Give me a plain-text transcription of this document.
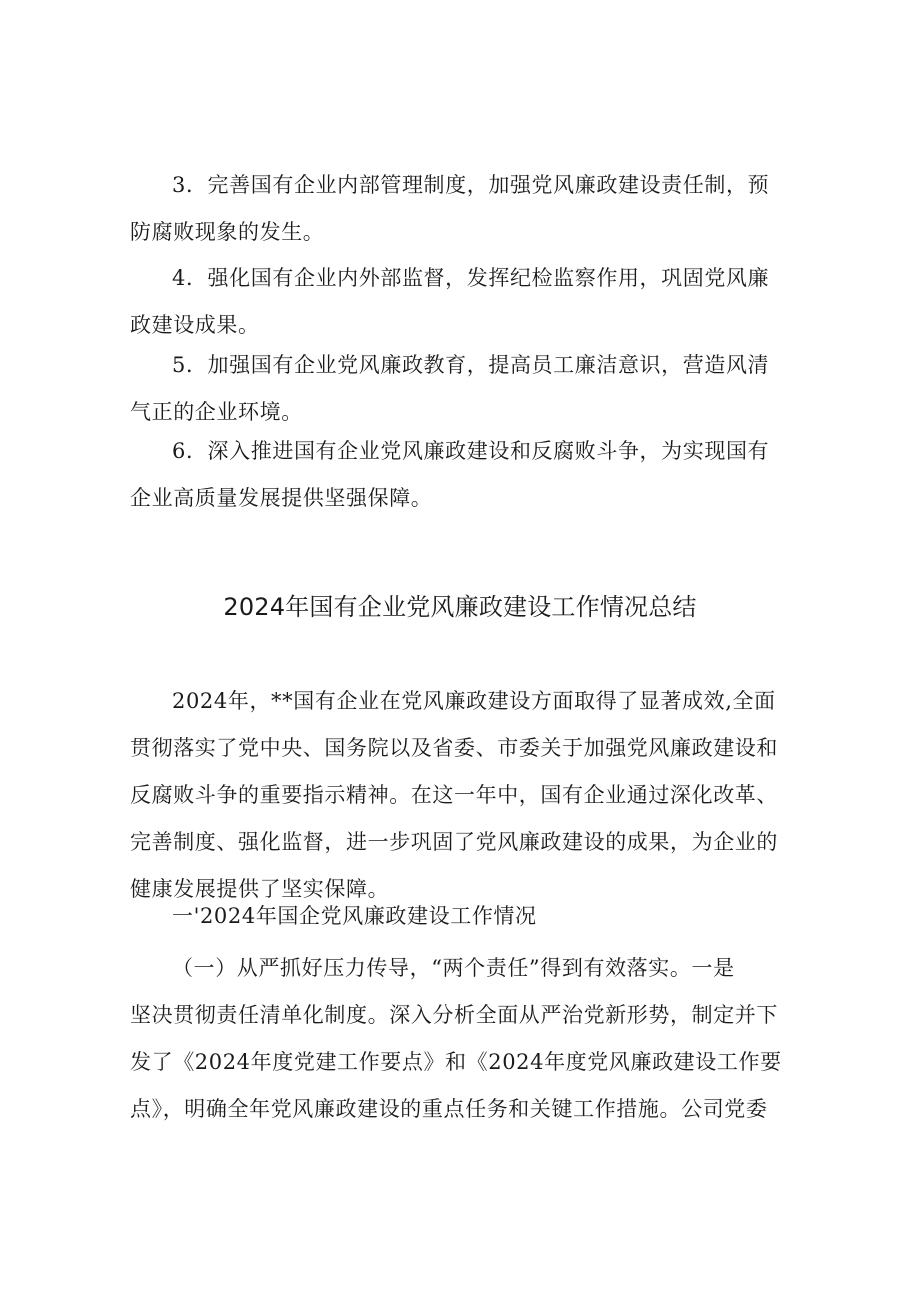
3．完善国有企业内部管理制度，加强党风廉政建设责任制，预
防腐败现象的发生。
4．强化国有企业内外部监督，发挥纪检监察作用，巩固党风廉
政建设成果。
5．加强国有企业党风廉政教育，提高员工廉洁意识，营造风清
气正的企业环境。
6．深入推进国有企业党风廉政建设和反腐败斗争，为实现国有
企业高质量发展提供坚强保障。
2024年国有企业党风廉政建设工作情况总结
2024年，**国有企业在党风廉政建设方面取得了显著成效,全面
贯彻落实了党中央、国务院以及省委、市委关于加强党风廉政建设和
反腐败斗争的重要指示精神。在这一年中，国有企业通过深化改革、
完善制度、强化监督，进一步巩固了党风廉政建设的成果，为企业的
健康发展提供了坚实保障。
一'2024年国企党风廉政建设工作情况
（一）从严抓好压力传导，“两个责任”得到有效落实。一是
坚决贯彻责任清单化制度。深入分析全面从严治党新形势，制定并下
发了《2024年度党建工作要点》和《2024年度党风廉政建设工作要
点》，明确全年党风廉政建设的重点任务和关键工作措施。公司党委
